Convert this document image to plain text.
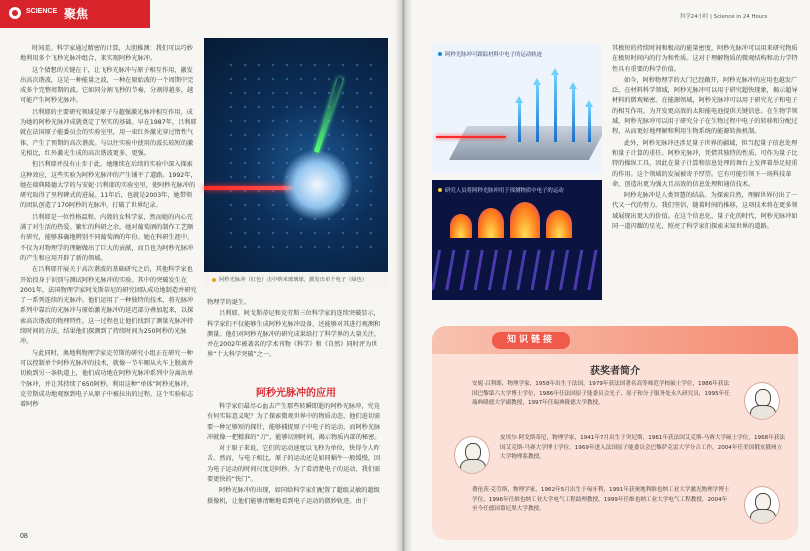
SCIENCE 聚焦

时间差。科学家通过精密的计算，大胆推测：我们可以巧妙地利用多个飞秒光脉冲组合，来实现阿秒光脉冲。

这个猜想的关键在于，让飞秒光脉冲与原子相互作用，激发出高次谐波，这是一种能量之波，一种在原始波的一个周期中完成多个完整周期的波。它如同分割飞秒的节奏，分割得越多，越可能产生阿秒光脉冲。

吕利耶的主要研究领域是原子与超强激光脉冲相互作用，成为她的阿秒光脉冲成就奠定了坚实的基础。早在1987年，吕利耶就在法国原子能委员会的实验室里，用一束红外激光穿过惰性气体，产生了预期的高次谐波。与以往实验中使用的波长较短的激光相比，红外激光生成的高次谐波更多、更强。

但吕利耶并没有止步于此。她继续在后续的实验中深入探索这种效应，这些实验为阿秒光脉冲的产生铺平了道路。1992年，她在瑞典隆德大学的与安妮·吕利耶的实验室里，使阿秒光脉冲的研究取得了里程碑式的进展。11年后，也就是2003年，她带领的团队创造了170阿秒的光脉冲，打破了世界纪录。

吕利耶是一位性格温和、内敛的女科学家，然而她的内心充满了对生活的热爱。繁忙的科研之余，她对葡萄酒的制作工艺颇有研究，能够准确地辨别不同葡萄酒的年份。她在科研生涯中，不仅为对物理学的理解做出了巨大的贡献，而且也为阿秒光脉冲的产生和应用开辟了新的领域。

在吕利耶开展关于高次谐波的基础研究之后，其他科学家也开始投身于识别与测试阿秒光脉冲的实验。其中的突破发生在2001年，法国物理学家阿戈斯蒂尼的研究团队成功地制造并研究了一系列连续的光脉冲。他们运用了一种独特的技术，将光脉冲系列中靠后的光脉冲与原始激光脉冲的延迟部分叠加起来，以探索高次谐波的物理特性。这一过程也让他们找到了测量光脉冲持续时间的方法，结果他们探测到了持续时间为250阿秒的光脉冲。

与此同时，奥地利物理学家克劳斯的研究小组正在研究一种可以控制单个阿秒光脉冲的技术，就像一节车厢从火车上脱离并切换到另一条轨道上，他们成功地在阿秒光脉冲系列中分离出单个脉冲，并让其持续了650阿秒。利用这种“单体”阿秒光脉冲，克劳斯成功地观察到电子从原子中被拉出的过程。这个实验标志着阿秒

阿秒光脉冲（红色）击中纳米玻璃球，激发出单个电子（绿色）

物理学的诞生。

吕利耶、阿戈斯蒂尼和克劳斯三位科学家的连续突破显示，科学家们不仅能够生成阿秒光脉冲设备，还能够对其进行观测和测量。他们对阿秒光脉冲的研究成果给打了科学界的大量关注，并在2002年被著名的学术刊物《科学》和《自然》同时评为世界“十大科学突破”之一。

阿秒光脉冲的应用

科学家们最尽心血去产生那些转瞬即逝的阿秒光脉冲，究竟有何实际意义呢？为了探索微观世界中的物质动态，他们迫切需要一种足够短的探针，能够捕捉原子中电子的运动，而阿秒光脉冲就像一把精准的“刀”，能够切割时间，揭示物质内部的秘密。

对于原子来说，它们的运动速度以飞秒为单位，快得令人咋舌。然而，与电子相比，原子的运动还是如同蜗牛一般缓慢，因为电子运动的时间尺度是阿秒。为了看清楚电子的运动，我们需要更快的“快门”。

阿秒光脉冲的出现，如同给科学家们配置了超级灵敏的超级摄像机，让他们能够清晰地看到电子运动的微妙轨迹。由于

08
科学24小时 | Science in 24 Hours
阿秒光脉冲可跟踪材料中电子的运动轨迹
研究人员将阿秒光脉冲用于探测物质中电子的运动

其极短的持续时间和极高的能量密度，阿秒光脉冲可以用来研究物质在极短时间内的行为和性质。这对于理解物质的微观结构和动力学特性具有重要的科学价值。

如今，阿秒物理学的大门已经敞开，阿秒光脉冲的应用也越发广泛。在材料科学领域，阿秒光脉冲可以用于研究超快现象，揭示超导材料的微观秘密。在能源领域，阿秒光脉冲可以用于研究光子和电子的相互作用，为开发更高效的太阳能电池提供关键信息。在生物学领域，阿秒光脉冲可以用于研究分子在生物过程中电子的转移和分配过程，从而更好地理解和利用生物系统的能源转换机制。

此外，阿秒光脉冲还涉足量子世界的疆域，担当起量子信息处理和量子计算的重任。阿秒光脉冲，凭借其独特的性质，可作为量子比特的操纵工具，因此在量子计算和信息处理的舞台上发挥着举足轻重的作用。这个领域的发展被寄予厚望。它有可能引领下一场科技革命，创造出更为强大且高效的信息处理和通信技术。

阿秒光脉冲是人类智慧的结晶。为探索自然，理解世界付出了一代又一代的努力。我们坚信，随着时间的推移，这项技术将在更多领域展现出更大的价值。在这个信息化、量子化的时代，阿秒光脉冲如同一道闪耀的星光，照亮了科学家们探索未知世界的道路。

知识链接
获奖者简介
安妮·吕利耶，物理学家，1958年出生于法国，1979年获法国著名高等师范学校硕士学位，1986年获法国巴黎第六大学博士学位，1986年任法国原子能委员会光子、原子和分子服务处永久研究员，1995年任瑞典隆德大学副教授，1997年任瑞典隆德大学教授。
皮埃尔·阿戈斯蒂尼，物理学家，1941年7月出生于突尼斯，1961年获法国艾克斯-马赛大学硕士学位，1968年获法国艾克斯-马赛大学博士学位，1969年进入法国原子能委员会巴黎萨克雷大学分合工作，2004年任美国俄亥俄州立大学物理系教授。
费伦茨·克劳斯，物理学家，1962年5月出生于匈牙利，1991年获奥地利维也纳工业大学激光物理学博士学位，1996年任维也纳工业大学电气工程助理教授，1999年任维也纳工业大学电气工程教授，2004年至今任德国慕尼黑大学教授。
